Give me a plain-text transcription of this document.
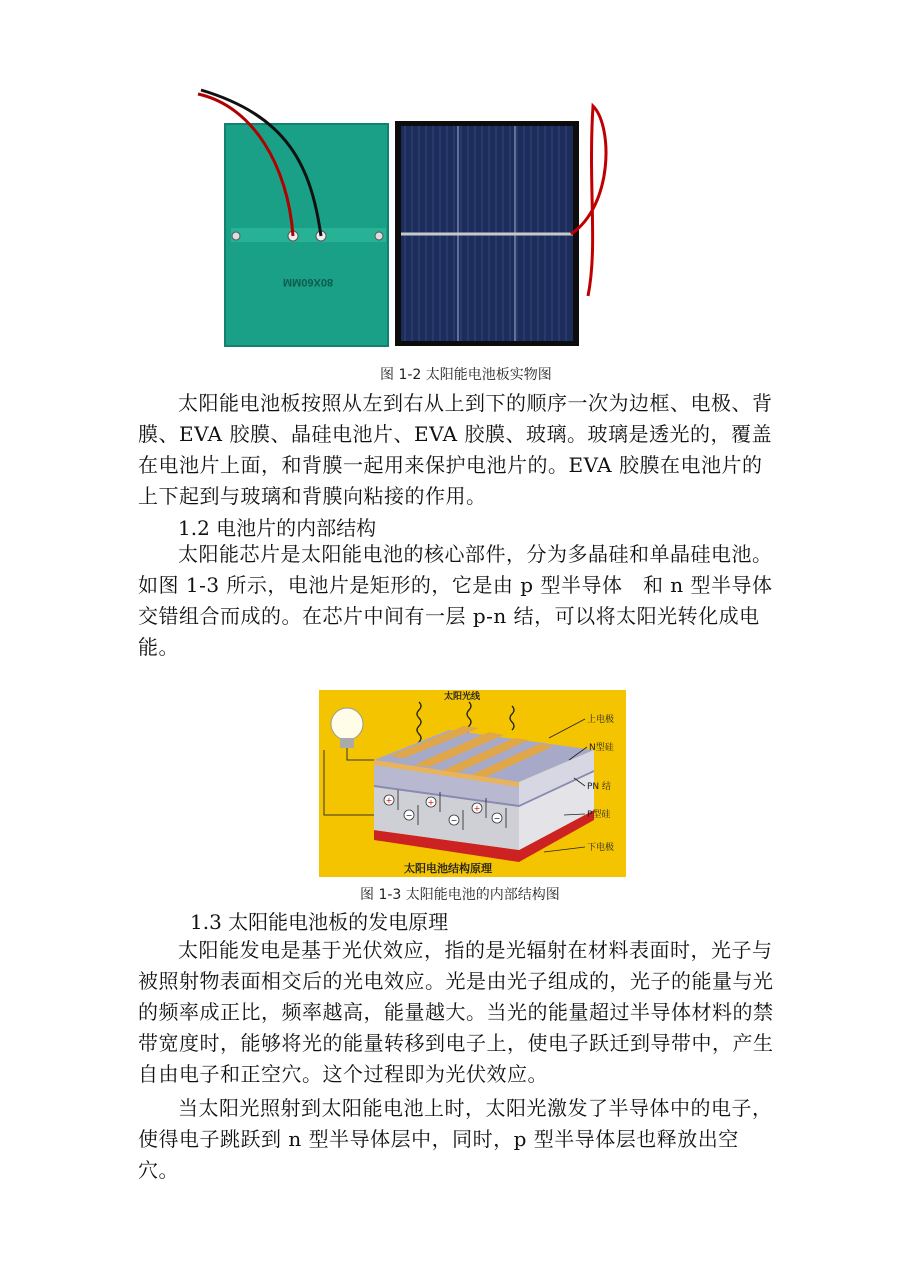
80X60MM
图 1-2 太阳能电池板实物图

太阳能电池板按照从左到右从上到下的顺序一次为边框、电极、背膜、EVA 胶膜、晶硅电池片、EVA 胶膜、玻璃。玻璃是透光的，覆盖在电池片上面，和背膜一起用来保护电池片的。EVA 胶膜在电池片的上下起到与玻璃和背膜向粘接的作用。

1.2 电池片的内部结构

太阳能芯片是太阳能电池的核心部件，分为多晶硅和单晶硅电池。如图 1-3 所示，电池片是矩形的，它是由 p 型半导体　和 n 型半导体交错组合而成的。在芯片中间有一层 p-n 结，可以将太阳光转化成电能。

太阳光线
+
−
+
−
+
−
上电极
N型硅
PN 结
P型硅
下电极
太阳电池结构原理
图 1-3 太阳能电池的内部结构图
1.3 太阳能电池板的发电原理

太阳能发电是基于光伏效应，指的是光辐射在材料表面时，光子与被照射物表面相交后的光电效应。光是由光子组成的，光子的能量与光的频率成正比，频率越高，能量越大。当光的能量超过半导体材料的禁带宽度时，能够将光的能量转移到电子上，使电子跃迁到导带中，产生自由电子和正空穴。这个过程即为光伏效应。

当太阳光照射到太阳能电池上时，太阳光激发了半导体中的电子，使得电子跳跃到 n 型半导体层中，同时，p 型半导体层也释放出空穴。
